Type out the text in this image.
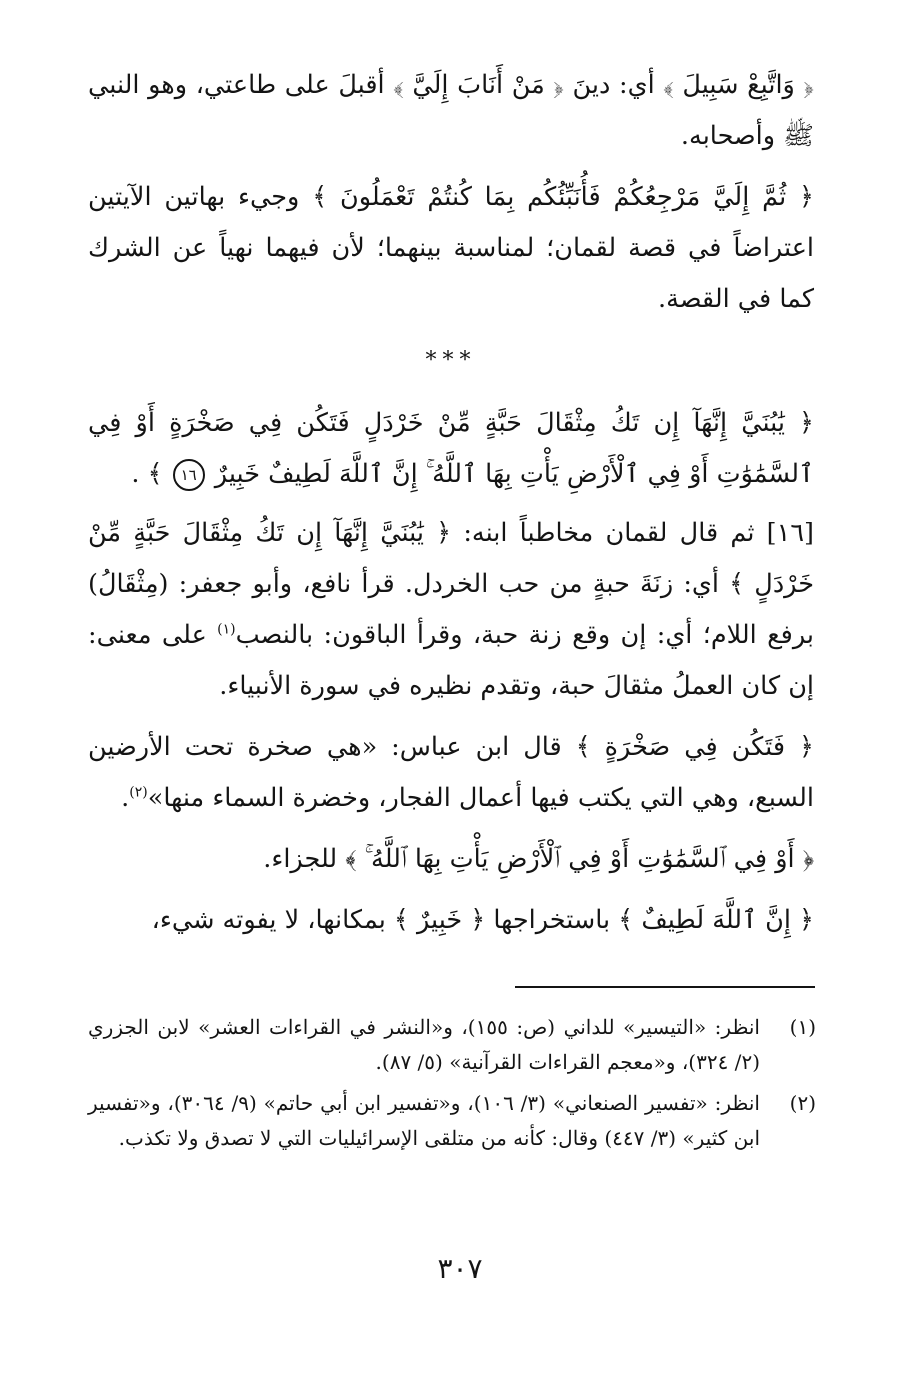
﴿ وَاتَّبِعْ سَبِيلَ ﴾ أي: دينَ ﴿ مَنْ أَنَابَ إِلَيَّ ﴾ أقبلَ على طاعتي، وهو النبي ﷺ وأصحابه.

﴿ ثُمَّ إِلَيَّ مَرْجِعُكُمْ فَأُنَبِّئُكُم بِمَا كُنتُمْ تَعْمَلُونَ ﴾ وجيء بهاتين الآيتين اعتراضاً في قصة لقمان؛ لمناسبة بينهما؛ لأن فيهما نهياً عن الشرك كما في القصة.

***

﴿ يَٰبُنَيَّ إِنَّهَآ إِن تَكُ مِثْقَالَ حَبَّةٍ مِّنْ خَرْدَلٍ فَتَكُن فِي صَخْرَةٍ أَوْ فِي ٱلسَّمَٰوَٰتِ أَوْ فِي ٱلْأَرْضِ يَأْتِ بِهَا ٱللَّهُ ۚ إِنَّ ٱللَّهَ لَطِيفٌ خَبِيرٌ ١٦ ﴾ .

[١٦] ثم قال لقمان مخاطباً ابنه: ﴿ يَٰبُنَيَّ إِنَّهَآ إِن تَكُ مِثْقَالَ حَبَّةٍ مِّنْ خَرْدَلٍ ﴾ أي: زنَةَ حبةٍ من حب الخردل. قرأ نافع، وأبو جعفر: (مِثْقَالُ) برفع اللام؛ أي: إن وقع زنة حبة، وقرأ الباقون: بالنصب$^{(١)}$ على معنى: إن كان العملُ مثقالَ حبة، وتقدم نظيره في سورة الأنبياء.

﴿ فَتَكُن فِي صَخْرَةٍ ﴾ قال ابن عباس: «هي صخرة تحت الأرضين السبع، وهي التي يكتب فيها أعمال الفجار، وخضرة السماء منها»$^{(٢)}$.

﴿ أَوْ فِي ٱلسَّمَٰوَٰتِ أَوْ فِي ٱلْأَرْضِ يَأْتِ بِهَا ٱللَّهُ ۚ ﴾ للجزاء.

﴿ إِنَّ ٱللَّهَ لَطِيفٌ ﴾ باستخراجها ﴿ خَبِيرٌ ﴾ بمكانها، لا يفوته شيء،

(١)
انظر: «التيسير» للداني (ص: ١٥٥)، و«النشر في القراءات العشر» لابن الجزري (٢/ ٣٢٤)، و«معجم القراءات القرآنية» (٥/ ٨٧).
(٢)
انظر: «تفسير الصنعاني» (٣/ ١٠٦)، و«تفسير ابن أبي حاتم» (٩/ ٣٠٦٤)، و«تفسير ابن كثير» (٣/ ٤٤٧) وقال: كأنه من متلقى الإسرائيليات التي لا تصدق ولا تكذب.
٣٠٧
